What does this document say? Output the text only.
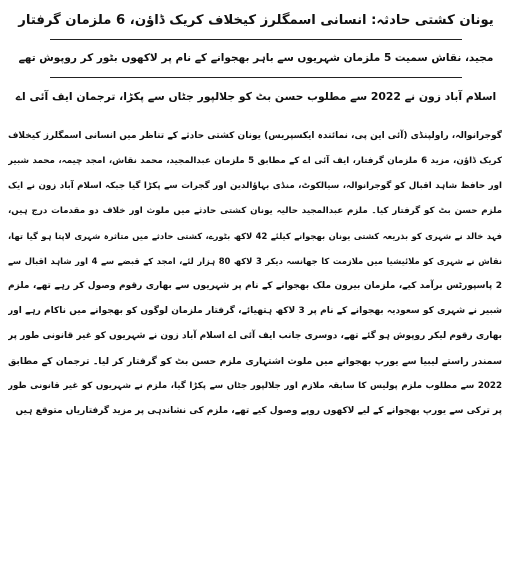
یونان کشتی حادثہ: انسانی اسمگلرز کیخلاف کریک ڈاؤن، 6 ملزمان گرفتار
مجید، نقاش سمیت 5 ملزمان شہریوں سے باہر بھجوانے کے نام پر لاکھوں بٹور کر روپوش تھے
اسلام آباد زون نے 2022 سے مطلوب حسن بٹ کو جلالپور جٹاں سے پکڑا، ترجمان ایف آئی اے
گوجرانوالہ، راولپنڈی (آئی این پی، نمائندہ ایکسپریس) یونان کشتی حادثے کے تناظر میں انسانی اسمگلرز کیخلاف
کریک ڈاؤن، مزید 6 ملزمان گرفتار، ایف آئی اے کے مطابق 5 ملزمان عبدالمجید، محمد نقاش، امجد چیمہ، محمد شبیر
اور حافظ شاہد اقبال کو گوجرانوالہ، سیالکوٹ، منڈی بہاؤالدین اور گجرات سے پکڑا گیا جبکہ اسلام آباد زون نے ایک
ملزم حسن بٹ کو گرفتار کیا۔ ملزم عبدالمجید حالیہ یونان کشتی حادثے میں ملوث اور خلاف دو مقدمات درج ہیں،
فہد خالد نے شہری کو بذریعہ کشتی یونان بھجوانے کیلئے 42 لاکھ بٹورے، کشتی حادثے میں متاثرہ شہری لاپتا ہو گیا تھا،
نقاش نے شہری کو ملائیشیا میں ملازمت کا جھانسہ دیکر 3 لاکھ 80 ہزار لئے، امجد کے قبضے سے 4 اور شاہد اقبال سے
2 پاسپورٹس برآمد کیے، ملزمان بیرون ملک بھجوانے کے نام پر شہریوں سے بھاری رقوم وصول کر رہے تھے، ملزم
شبیر نے شہری کو سعودیہ بھجوانے کے نام پر 3 لاکھ ہتھیائے، گرفتار ملزمان لوگوں کو بھجوانے میں ناکام رہے اور
بھاری رقوم لیکر روپوش ہو گئے تھے، دوسری جانب ایف آئی اے اسلام آباد زون نے شہریوں کو غیر قانونی طور پر
سمندر راستے لیبیا سے یورپ بھجوانے میں ملوث اشتہاری ملزم حسن بٹ کو گرفتار کر لیا۔ ترجمان کے مطابق
2022 سے مطلوب ملزم پولیس کا سابقہ ملازم اور جلالپور جٹاں سے پکڑا گیا، ملزم نے شہریوں کو غیر قانونی طور
پر ترکی سے یورپ بھجوانے کے لیے لاکھوں روپے وصول کیے تھے، ملزم کی نشاندہی پر مزید گرفتاریاں متوقع ہیں
